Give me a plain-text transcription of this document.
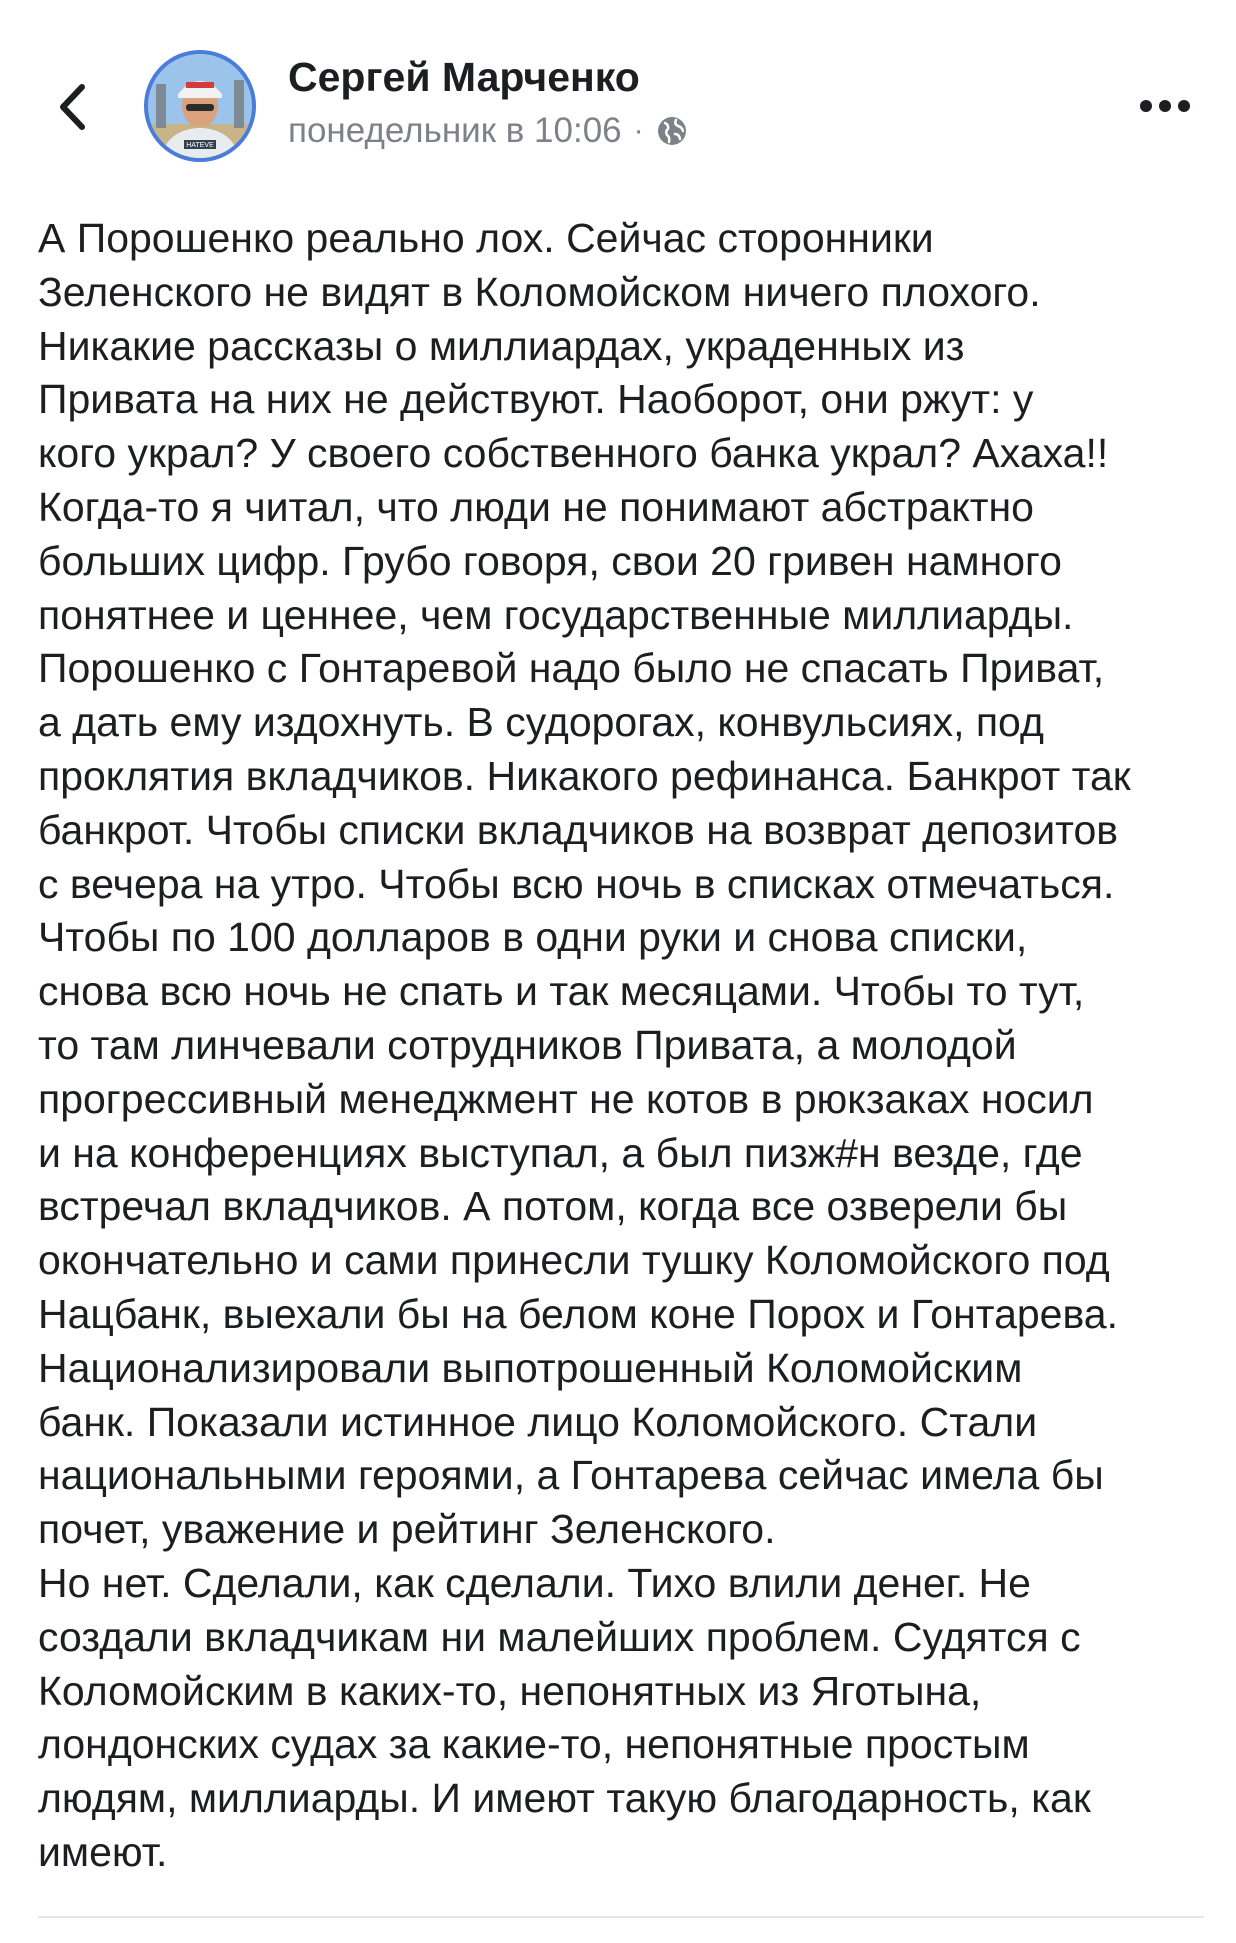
HATEVE
Сергей Марченко
понедельник в 10:06 ·
А Порошенко реально лох. Сейчас сторонники
Зеленского не видят в Коломойском ничего плохого.
Никакие рассказы о миллиардах, украденных из
Привата на них не действуют. Наоборот, они ржут: у
кого украл? У своего собственного банка украл? Ахаха!!
Когда-то я читал, что люди не понимают абстрактно
больших цифр. Грубо говоря, свои 20 гривен намного
понятнее и ценнее, чем государственные миллиарды.
Порошенко с Гонтаревой надо было не спасать Приват,
а дать ему издохнуть. В судорогах, конвульсиях, под
проклятия вкладчиков. Никакого рефинанса. Банкрот так
банкрот. Чтобы списки вкладчиков на возврат депозитов
с вечера на утро. Чтобы всю ночь в списках отмечаться.
Чтобы по 100 долларов в одни руки и снова списки,
снова всю ночь не спать и так месяцами. Чтобы то тут,
то там линчевали сотрудников Привата, а молодой
прогрессивный менеджмент не котов в рюкзаках носил
и на конференциях выступал, а был пизж#н везде, где
встречал вкладчиков. А потом, когда все озверели бы
окончательно и сами принесли тушку Коломойского под
Нацбанк, выехали бы на белом коне Порох и Гонтарева.
Национализировали выпотрошенный Коломойским
банк. Показали истинное лицо Коломойского. Стали
национальными героями, а Гонтарева сейчас имела бы
почет, уважение и рейтинг Зеленского.
Но нет. Сделали, как сделали. Тихо влили денег. Не
создали вкладчикам ни малейших проблем. Судятся с
Коломойским в каких-то, непонятных из Яготына,
лондонских судах за какие-то, непонятные простым
людям, миллиарды. И имеют такую благодарность, как
имеют.
